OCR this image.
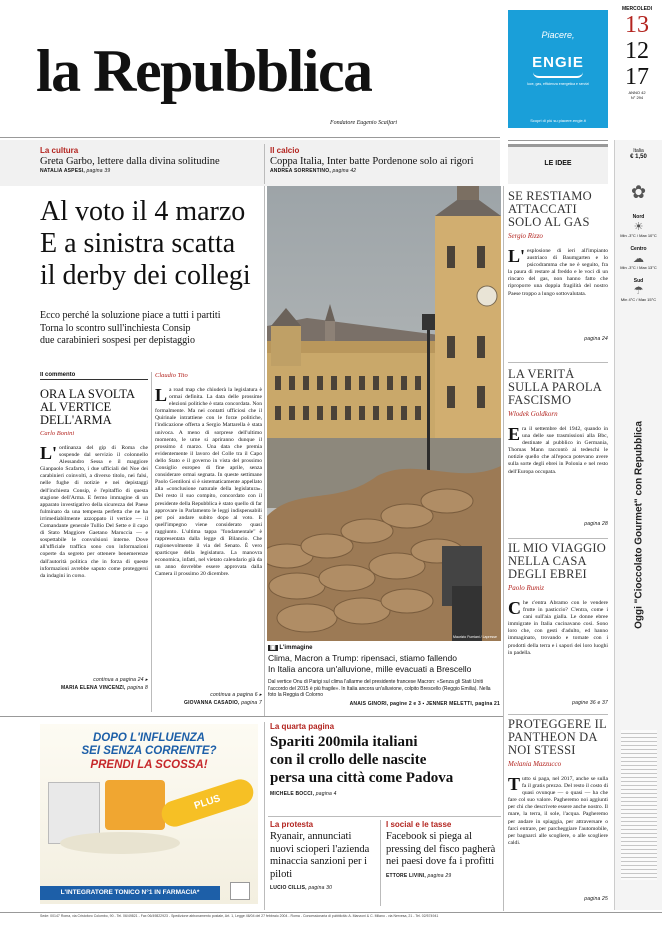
la Repubblica
Fondatore Eugenio Scalfari
Piacere,
ENGIE
luce, gas, efficienza energetica e servizi
Scopri di più su piacere.engie.it
MERCOLEDÌ
13
12
17
ANNO 42
N° 294
Italia
€ 1,50
✿
Nord
☀
Min -3°C / Max 10°C
Centro
☁
Min -3°C / Max 13°C
Sud
☂
Min 4°C / Max 15°C
Oggi "Cioccolato Gourmet" con Repubblica
La cultura
Greta Garbo, lettere dalla divina solitudine
NATALIA ASPESI, pagina 39
Il calcio
Coppa Italia, Inter batte Pordenone solo ai rigori
ANDREA SORRENTINO, pagina 42
LE IDEE
Al voto il 4 marzo
E a sinistra scatta
il derby dei collegi
Ecco perché la soluzione piace a tutti i partiti
Torna lo scontro sull'inchiesta Consip
due carabinieri sospesi per depistaggio
Il commento
ORA LA SVOLTA
AL VERTICE
DELL'ARMA
Carlo Bonini
L' ordinanza del gip di Roma che sospende dal servizio il colonnello Alessandro Sessa e il maggiore Gianpaolo Scafarto, i due ufficiali del Noe dei carabinieri coinvolti, a diverso titolo, nei falsi, nelle fughe di notizie e nei depistaggi dell'inchiesta Consip, è l'epitaffio di questa stagione dell'Arma. E fermo immagine di un apparato investigativo della sicurezza del Paese fulminato da una tempesta perfetta che ne ha irrimediabilmente azzoppato il vertice — il Comandante generale Tullio Del Sette e il capo di Stato Maggiore Gaetano Maruccia — e sospettabile le convulsioni interne. Dove all'ufficiale traffica sono con informazioni coperte da segreto per ottenere benemerenze dall'autorità politica che in forza di queste informazioni avrebbe saputo come proteggersi da indagini in corso.
continua a pagina 24 ▸
MARIA ELENA VINCENZI, pagina 8
Claudio Tito
La road map che chiuderà la legislatura è ormai definita. La data delle prossime elezioni politiche è stata concordata. Non formalmente. Ma nei contatti ufficiosi che il Quirinale intrattiene con le forze politiche, l'indicazione offerta a Sergio Mattarella è stata univoca. A meno di sorprese dell'ultimo momento, le urne si apriranno dunque il prossimo 4 marzo. Una data che premia evidentemente il lavoro del Colle tra il Capo dello Stato e il governo in vista del prossimo Consiglio europeo di fine aprile, senza considerare ormai segnata. In queste settimane Paolo Gentiloni si è sistematicamente appellato alla «conclusione naturale della legislatura». Del resto il suo compito, concordato con il presidente della Repubblica è stato quello di far approvare in Parlamento le leggi indispensabili per poi andare subito dopo al voto. E quell'impegno viene considerato quasi raggiunto. L'ultima tappa "fondamentale" è rappresentata dalla legge di Bilancio. Che ragionevolmente il via del Senato. È vero sparticque della legislatura. La manovra economica, infatti, nel vietato calendario già da un anno dovrebbe essere approvata dalla Camera il prossimo 20 dicembre.
continua a pagina 6 ▸
GIOVANNA CASADIO, pagina 7
Maurizio Fumiani / Lapresse
▣ L'immagine
Clima, Macron a Trump: ripensaci, stiamo fallendo
In Italia ancora un'alluvione, mille evacuati a Brescello
Dal vertice Onu di Parigi sul clima l'allarme del presidente francese Macron: «Senza gli Stati Uniti l'accordo del 2015 è più fragile». In Italia ancora un'alluvione, colpito Brescello (Reggio Emilia). Nella foto la Reggia di Colorno
ANAIS GINORI, pagine 2 e 3 ▪ JENNER MELETTI, pagina 21
SE RESTIAMO ATTACCATI SOLO AL GAS
Sergio Rizzo
L' esplosione di ieri all'impianto austriaco di Baumgarten e lo psicodramma che ne è seguito, fra la paura di restare al freddo e le voci di un rincaro del gas, non hanno fatto che riproporre una doppia fragilità del nostro Paese troppo a lungo sottovalutata.
pagina 24
LA VERITÀ SULLA PAROLA FASCISMO
Wlodek Goldkorn
Era il settembre del 1942, quando in una delle sue trasmissioni alla Bbc, destinate al pubblico in Germania, Thomas Mann raccontò ai tedeschi le notizie quello che all'epoca potevano avere sulla sorte degli ebrei in Polonia e nel resto dell'Europa occupata.
pagina 28
IL MIO VIAGGIO NELLA CASA DEGLI EBREI
Paolo Rumiz
Che c'entra Abramo con le vendere frutte in pasticcio? C'entra, come i cani sull'aia gialla. Le donne ebree immigrate in Italia cucinavano così. Sono loro che, con gesti d'adulto, ed hanno immaginato, trovando e tornate con i prodotti della terra e i sapori dei loro luoghi in padella.
pagine 36 e 37
PROTEGGERE IL PANTHEON DA NOI STESSI
Melania Mazzucco
Tutto si paga, nel 2017, anche se sulla fa il gratis prezzo. Del resto il costo di quasi ovunque — o quasi — ha che fare col suo valore. Pagheremo noi aggiunti per chi che descrivete essere anche nostro. Il mare, la terra, il sole, l'acqua. Pagheremo per andare in spiaggia, per attraversare o farci entrare, per parcheggiare l'automobile, per bagnarci alle scogliere, o alle scogliere caldi.
pagina 25
DOPO L'INFLUENZA
SEI SENZA CORRENTE?
PRENDI LA SCOSSA!
PLUS
L'INTEGRATORE TONICO N°1 IN FARMACIA*
La quarta pagina
Spariti 200mila italiani
con il crollo delle nascite
persa una città come Padova
MICHELE BOCCI, pagina 4
La protesta
Ryanair, annunciati nuovi scioperi l'azienda minaccia sanzioni per i piloti
LUCIO CILLIS, pagina 30
I social e le tasse
Facebook si piega al pressing del fisco pagherà nei paesi dove fa i profitti
ETTORE LIVINI, pagina 29
Sede: 00147 Roma, via Cristoforo Colombo, 90 - Tel. 06/49821 - Fax 06/49822923 - Spedizione abbonamento postale, Art. 1, Legge 46/04 del 27 febbraio 2004 - Roma - Concessionaria di pubblicità: A. Manzoni & C. Milano - via Nervesa, 21 - Tel. 02/574941
